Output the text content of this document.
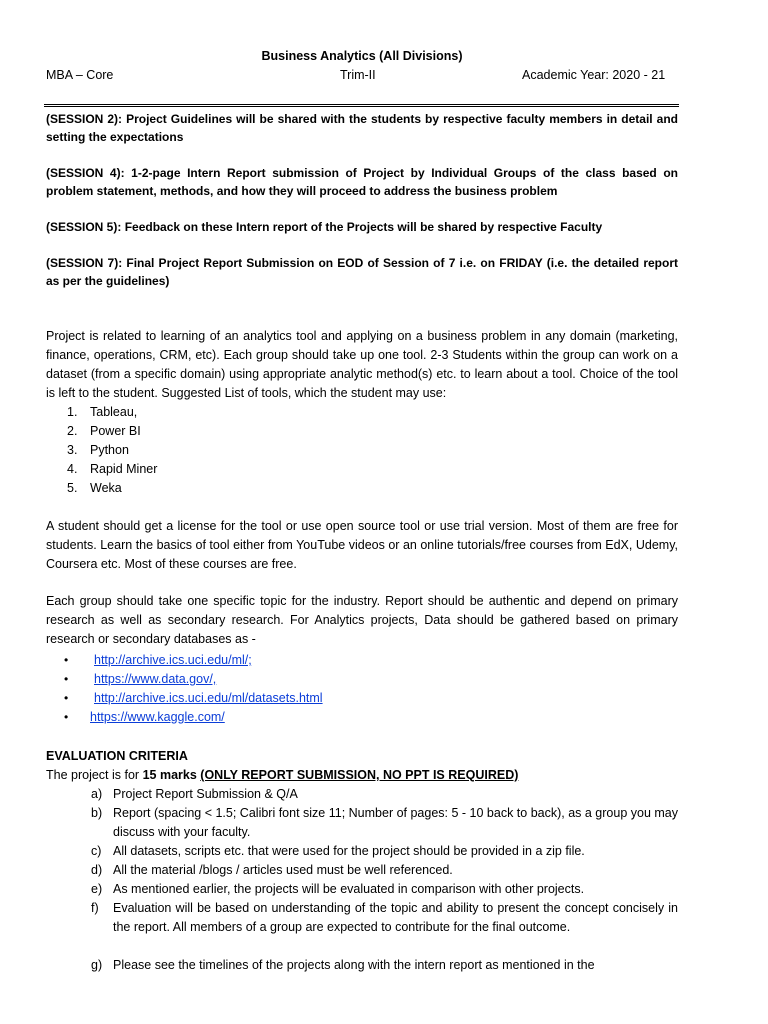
Business Analytics (All Divisions)
MBA – Core	Trim-II	Academic Year: 2020 - 21
(SESSION 2): Project Guidelines will be shared with the students by respective faculty members in detail and setting the expectations
(SESSION 4): 1-2-page Intern Report submission of Project by Individual Groups of the class based on problem statement, methods, and how they will proceed to address the business problem
(SESSION 5): Feedback on these Intern report of the Projects will be shared by respective Faculty
(SESSION 7): Final Project Report Submission on EOD of Session of 7 i.e. on FRIDAY (i.e. the detailed report as per the guidelines)
Project is related to learning of an analytics tool and applying on a business problem in any domain (marketing, finance, operations, CRM, etc). Each group should take up one tool. 2-3 Students within the group can work on a dataset (from a specific domain) using appropriate analytic method(s) etc. to learn about a tool. Choice of the tool is left to the student. Suggested List of tools, which the student may use:
1. Tableau,
2. Power BI
3. Python
4. Rapid Miner
5. Weka
A student should get a license for the tool or use open source tool or use trial version. Most of them are free for students. Learn the basics of tool either from YouTube videos or an online tutorials/free courses from EdX, Udemy, Coursera etc. Most of these courses are free.
Each group should take one specific topic for the industry. Report should be authentic and depend on primary research as well as secondary research. For Analytics projects, Data should be gathered based on primary research or secondary databases as -
• http://archive.ics.uci.edu/ml/;
• https://www.data.gov/,
• http://archive.ics.uci.edu/ml/datasets.html
• https://www.kaggle.com/
EVALUATION CRITERIA
The project is for 15 marks (ONLY REPORT SUBMISSION, NO PPT IS REQUIRED)
a) Project Report Submission & Q/A
b) Report (spacing < 1.5; Calibri font size 11; Number of pages: 5 - 10 back to back), as a group you may discuss with your faculty.
c) All datasets, scripts etc. that were used for the project should be provided in a zip file.
d) All the material /blogs / articles used must be well referenced.
e) As mentioned earlier, the projects will be evaluated in comparison with other projects.
f) Evaluation will be based on understanding of the topic and ability to present the concept concisely in the report. All members of a group are expected to contribute for the final outcome.
g) Please see the timelines of the projects along with the intern report as mentioned in the
